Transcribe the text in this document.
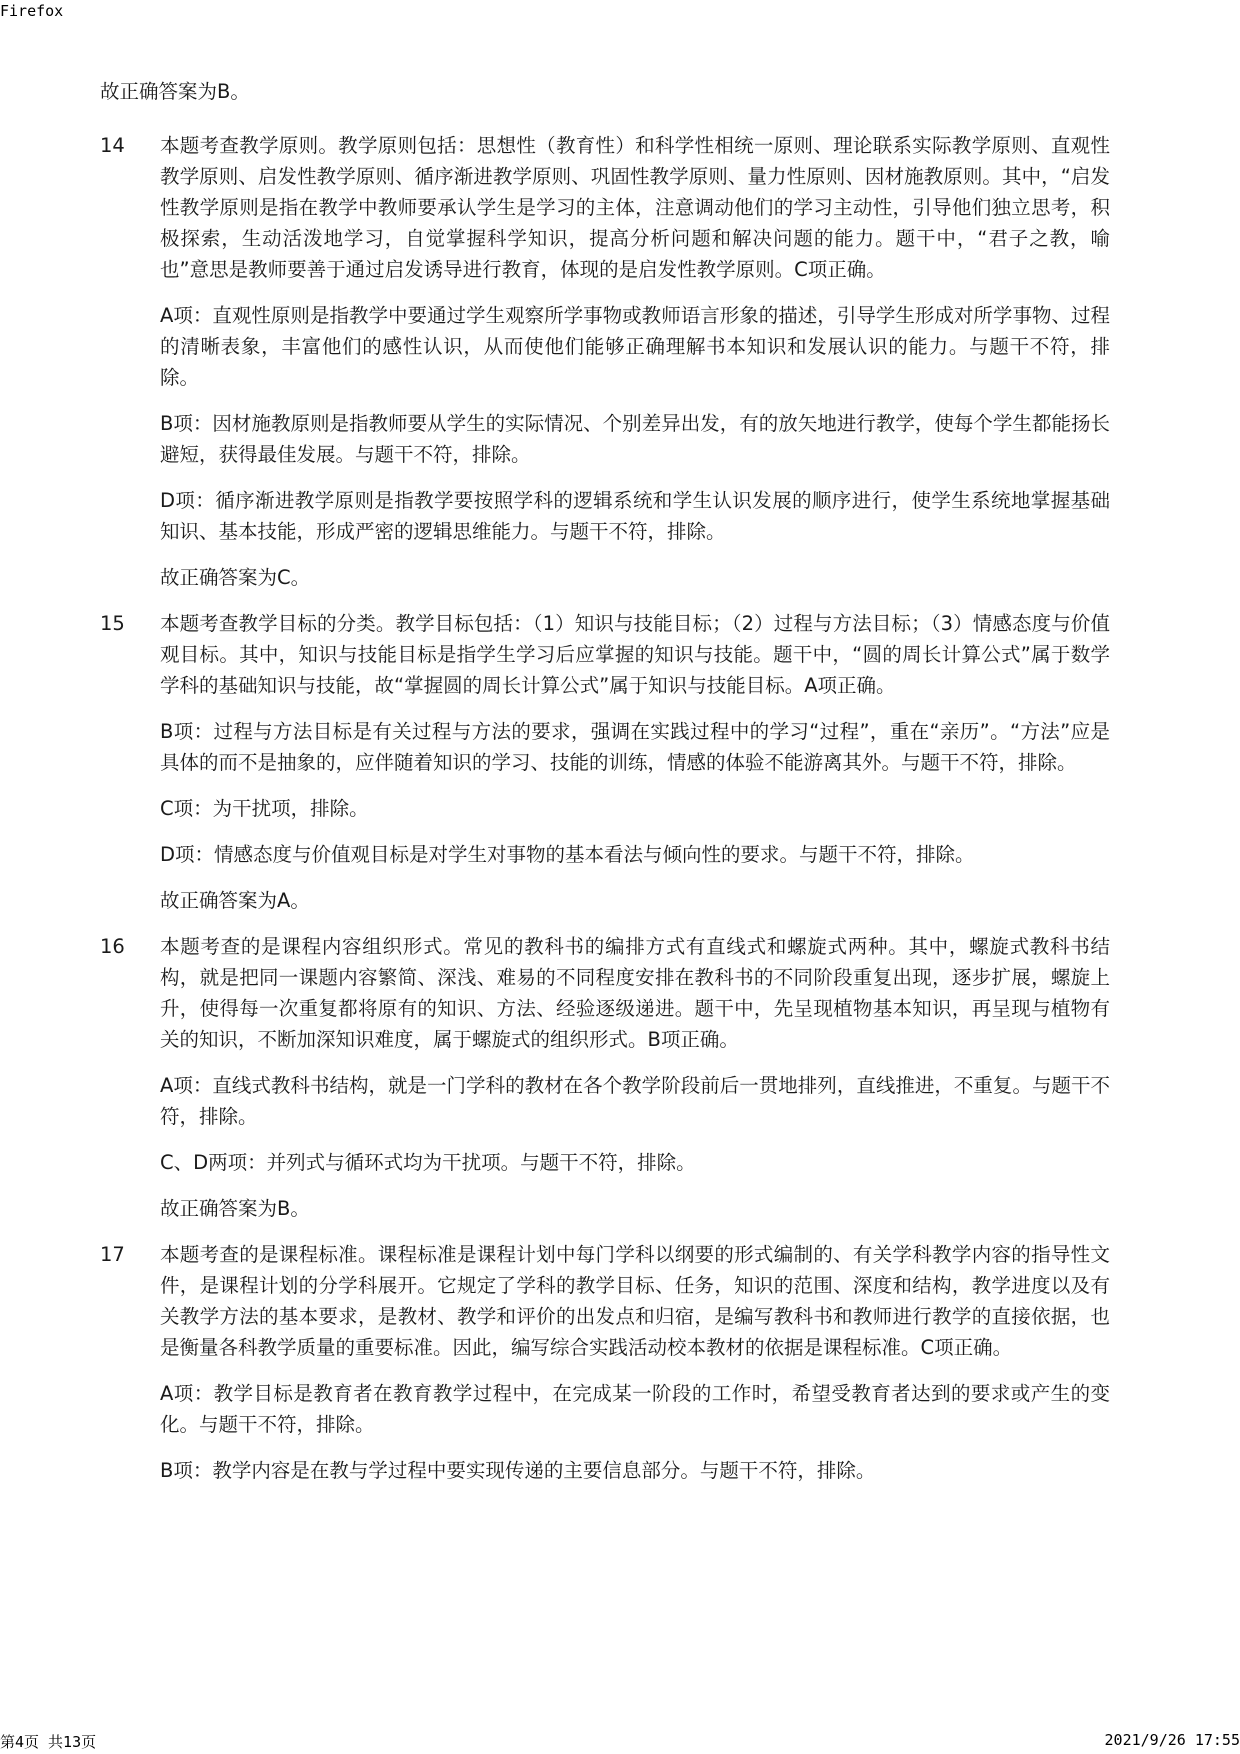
Firefox

故正确答案为B。

14	本题考查教学原则。教学原则包括：思想性（教育性）和科学性相统一原则、理论联系实际教学原则、直观性教学原则、启发性教学原则、循序渐进教学原则、巩固性教学原则、量力性原则、因材施教原则。其中，“启发性教学原则是指在教学中教师要承认学生是学习的主体，注意调动他们的学习主动性，引导他们独立思考，积极探索，生动活泼地学习，自觉掌握科学知识，提高分析问题和解决问题的能力。题干中，“君子之教，喻也”意思是教师要善于通过启发诱导进行教育，体现的是启发性教学原则。C项正确。

A项：直观性原则是指教学中要通过学生观察所学事物或教师语言形象的描述，引导学生形成对所学事物、过程的清晰表象，丰富他们的感性认识，从而使他们能够正确理解书本知识和发展认识的能力。与题干不符，排除。

B项：因材施教原则是指教师要从学生的实际情况、个别差异出发，有的放矢地进行教学，使每个学生都能扬长避短，获得最佳发展。与题干不符，排除。

D项：循序渐进教学原则是指教学要按照学科的逻辑系统和学生认识发展的顺序进行，使学生系统地掌握基础知识、基本技能，形成严密的逻辑思维能力。与题干不符，排除。

故正确答案为C。

15	本题考查教学目标的分类。教学目标包括：（1）知识与技能目标；（2）过程与方法目标；（3）情感态度与价值观目标。其中，知识与技能目标是指学生学习后应掌握的知识与技能。题干中，“圆的周长计算公式”属于数学学科的基础知识与技能，故“掌握圆的周长计算公式”属于知识与技能目标。A项正确。

B项：过程与方法目标是有关过程与方法的要求，强调在实践过程中的学习“过程”，重在“亲历”。“方法”应是具体的而不是抽象的，应伴随着知识的学习、技能的训练，情感的体验不能游离其外。与题干不符，排除。

C项：为干扰项，排除。

D项：情感态度与价值观目标是对学生对事物的基本看法与倾向性的要求。与题干不符，排除。

故正确答案为A。

16	本题考查的是课程内容组织形式。常见的教科书的编排方式有直线式和螺旋式两种。其中，螺旋式教科书结构，就是把同一课题内容繁简、深浅、难易的不同程度安排在教科书的不同阶段重复出现，逐步扩展，螺旋上升，使得每一次重复都将原有的知识、方法、经验逐级递进。题干中，先呈现植物基本知识，再呈现与植物有关的知识，不断加深知识难度，属于螺旋式的组织形式。B项正确。

A项：直线式教科书结构，就是一门学科的教材在各个教学阶段前后一贯地排列，直线推进，不重复。与题干不符，排除。

C、D两项：并列式与循环式均为干扰项。与题干不符，排除。

故正确答案为B。

17	本题考查的是课程标准。课程标准是课程计划中每门学科以纲要的形式编制的、有关学科教学内容的指导性文件，是课程计划的分学科展开。它规定了学科的教学目标、任务，知识的范围、深度和结构，教学进度以及有关教学方法的基本要求，是教材、教学和评价的出发点和归宿，是编写教科书和教师进行教学的直接依据，也是衡量各科教学质量的重要标准。因此，编写综合实践活动校本教材的依据是课程标准。C项正确。

A项：教学目标是教育者在教育教学过程中，在完成某一阶段的工作时，希望受教育者达到的要求或产生的变化。与题干不符，排除。

B项：教学内容是在教与学过程中要实现传递的主要信息部分。与题干不符，排除。

第4页 共13页	2021/9/26 17:55
